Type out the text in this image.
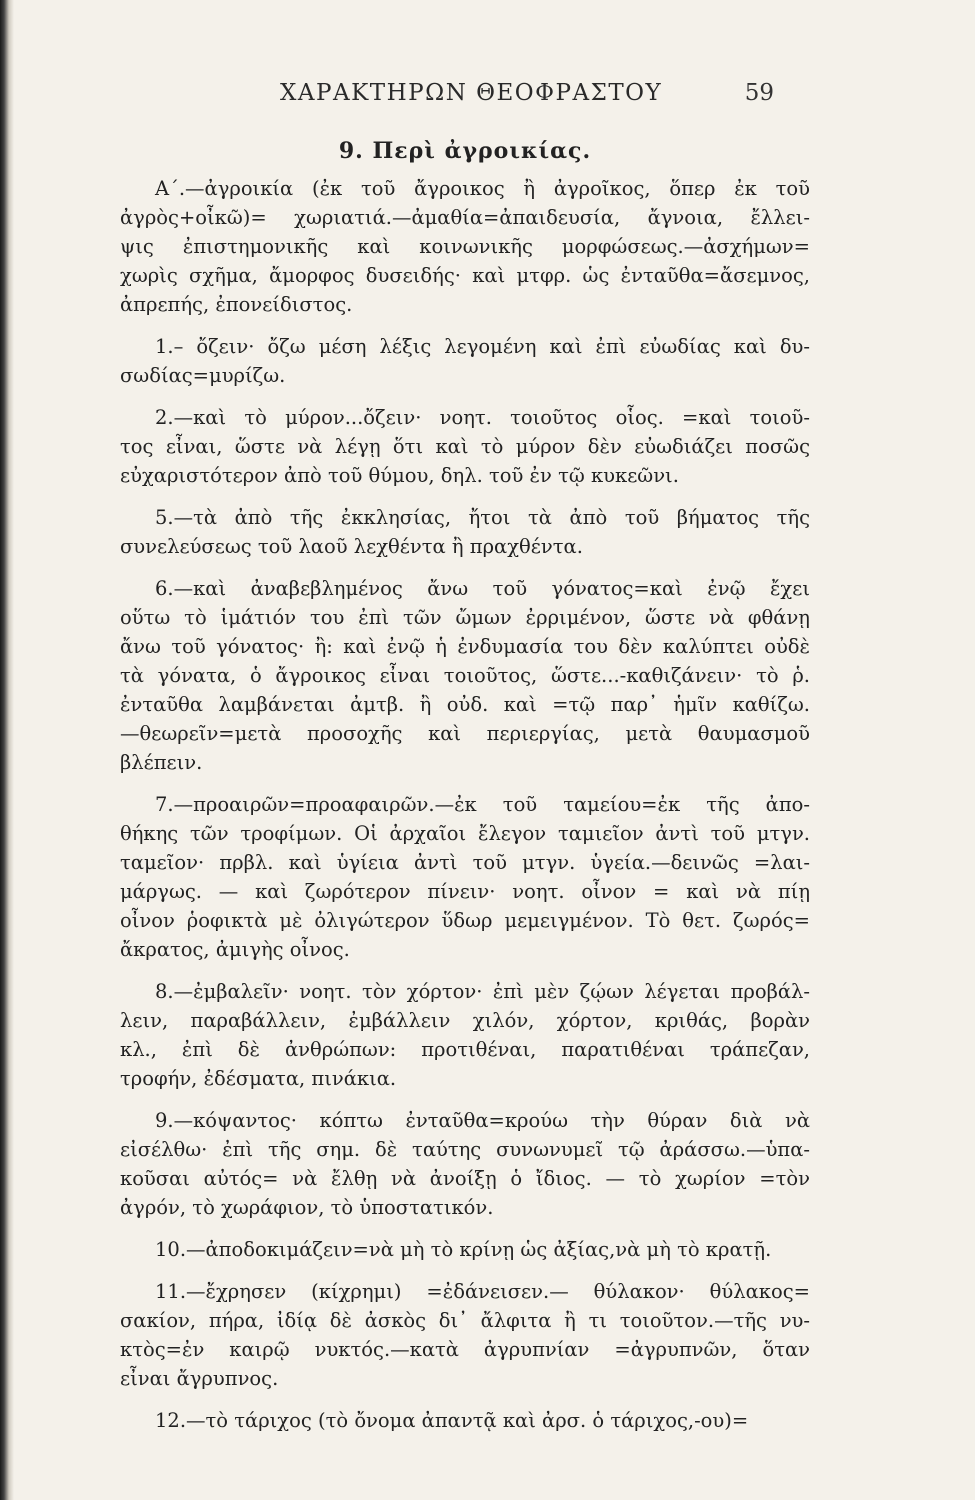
ΧΑΡΑΚΤΗΡΩΝ ΘΕΟΦΡΑΣΤΟΥ	59
9. Περὶ ἀγροικίας.
Α΄.—ἀγροικία (ἐκ τοῦ ἄγροικος ἢ ἀγροῖκος, ὅπερ ἐκ τοῦ
ἀγρὸς+οἶκῶ)= χωριατιά.—ἀμαθία=ἀπαιδευσία, ἄγνοια, ἔλλει-
ψις ἐπιστημονικῆς καὶ κοινωνικῆς μορφώσεως.—ἀσχήμων=
χωρὶς σχῆμα, ἄμορφος δυσειδής· καὶ μτφρ. ὡς ἐνταῦθα=ἄσεμνος,
ἀπρεπής, ἐπονείδιστος.
1.– ὄζειν· ὄζω μέση λέξις λεγομένη καὶ ἐπὶ εὐωδίας καὶ δυ-
σωδίας=μυρίζω.
2.—καὶ τὸ μύρον...ὄζειν· νοητ. τοιοῦτος οἷος. =καὶ τοιοῦ-
τος εἶναι, ὥστε νὰ λέγῃ ὅτι καὶ τὸ μύρον δὲν εὐωδιάζει ποσῶς
εὐχαριστότερον ἀπὸ τοῦ θύμου, δηλ. τοῦ ἐν τῷ κυκεῶνι.
5.—τὰ ἀπὸ τῆς ἐκκλησίας, ἤτοι τὰ ἀπὸ τοῦ βήματος τῆς
συνελεύσεως τοῦ λαοῦ λεχθέντα ἢ πραχθέντα.
6.—καὶ ἀναβεβλημένος ἄνω τοῦ γόνατος=καὶ ἐνῷ ἔχει
οὕτω τὸ ἱμάτιόν του ἐπὶ τῶν ὤμων ἐρριμένον, ὥστε νὰ φθάνῃ
ἄνω τοῦ γόνατος· ἢ: καὶ ἐνῷ ἡ ἐνδυμασία του δὲν καλύπτει οὐδὲ
τὰ γόνατα, ὁ ἄγροικος εἶναι τοιοῦτος, ὥστε...-καθιζάνειν· τὸ ῥ.
ἐνταῦθα λαμβάνεται ἀμτβ. ἢ οὐδ. καὶ =τῷ παρ᾽ ἡμῖν καθίζω.
—θεωρεῖν=μετὰ προσοχῆς καὶ περιεργίας, μετὰ θαυμασμοῦ
βλέπειν.
7.—προαιρῶν=προαφαιρῶν.—ἐκ τοῦ ταμείου=ἐκ τῆς ἀπο-
θήκης τῶν τροφίμων. Οἱ ἀρχαῖοι ἔλεγον ταμιεῖον ἀντὶ τοῦ μτγν.
ταμεῖον· πρβλ. καὶ ὑγίεια ἀντὶ τοῦ μτγν. ὑγεία.—δεινῶς =λαι-
μάργως. — καὶ ζωρότερον πίνειν· νοητ. οἶνον = καὶ νὰ πίῃ
οἶνον ῥοφικτὰ μὲ ὀλιγώτερον ὕδωρ μεμειγμένον. Τὸ θετ. ζωρός=
ἄκρατος, ἀμιγὴς οἶνος.
8.—ἐμβαλεῖν· νοητ. τὸν χόρτον· ἐπὶ μὲν ζῴων λέγεται προβάλ-
λειν, παραβάλλειν, ἐμβάλλειν χιλόν, χόρτον, κριθάς, βορὰν
κλ., ἐπὶ δὲ ἀνθρώπων: προτιθέναι, παρατιθέναι τράπεζαν,
τροφήν, ἐδέσματα, πινάκια.
9.—κόψαντος· κόπτω ἐνταῦθα=κρούω τὴν θύραν διὰ νὰ
εἰσέλθω· ἐπὶ τῆς σημ. δὲ ταύτης συνωνυμεῖ τῷ ἀράσσω.—ὑπα-
κοῦσαι αὐτός= νὰ ἔλθῃ νὰ ἀνοίξῃ ὁ ἴδιος. — τὸ χωρίον =τὸν
ἀγρόν, τὸ χωράφιον, τὸ ὑποστατικόν.
10.—ἀποδοκιμάζειν=νὰ μὴ τὸ κρίνῃ ὡς ἀξίας,νὰ μὴ τὸ κρατῇ.
11.—ἔχρησεν (κίχρημι) =ἐδάνεισεν.— θύλακον· θύλακος=
σακίον, πήρα, ἰδίᾳ δὲ ἀσκὸς δι᾽ ἄλφιτα ἢ τι τοιοῦτον.—τῆς νυ-
κτὸς=ἐν καιρῷ νυκτός.—κατὰ ἀγρυπνίαν =ἀγρυπνῶν, ὅταν
εἶναι ἄγρυπνος.
12.—τὸ τάριχος (τὸ ὄνομα ἀπαντᾷ καὶ ἀρσ. ὁ τάριχος,-ου)=
